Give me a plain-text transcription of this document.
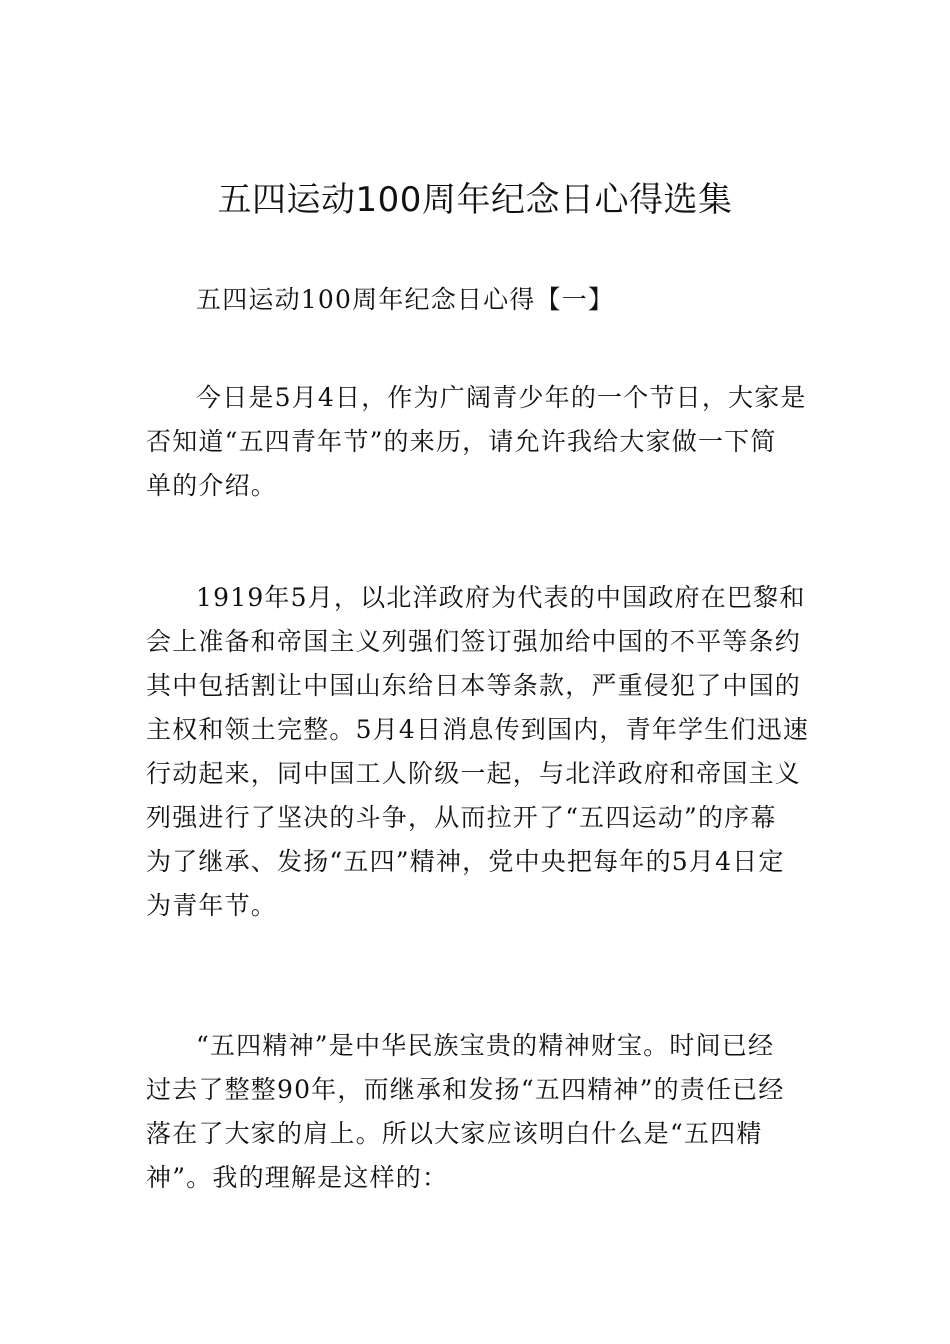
五四运动100周年纪念日心得选集
五四运动100周年纪念日心得【一】
今日是5月4日，作为广阔青少年的一个节日，大家是
否知道“五四青年节”的来历，请允许我给大家做一下简
单的介绍。
1919年5月，以北洋政府为代表的中国政府在巴黎和
会上准备和帝国主义列强们签订强加给中国的不平等条约
其中包括割让中国山东给日本等条款，严重侵犯了中国的
主权和领土完整。5月4日消息传到国内，青年学生们迅速
行动起来，同中国工人阶级一起，与北洋政府和帝国主义
列强进行了坚决的斗争，从而拉开了“五四运动”的序幕
为了继承、发扬“五四”精神，党中央把每年的5月4日定
为青年节。
“五四精神”是中华民族宝贵的精神财宝。时间已经
过去了整整90年，而继承和发扬“五四精神”的责任已经
落在了大家的肩上。所以大家应该明白什么是“五四精
神”。我的理解是这样的：
